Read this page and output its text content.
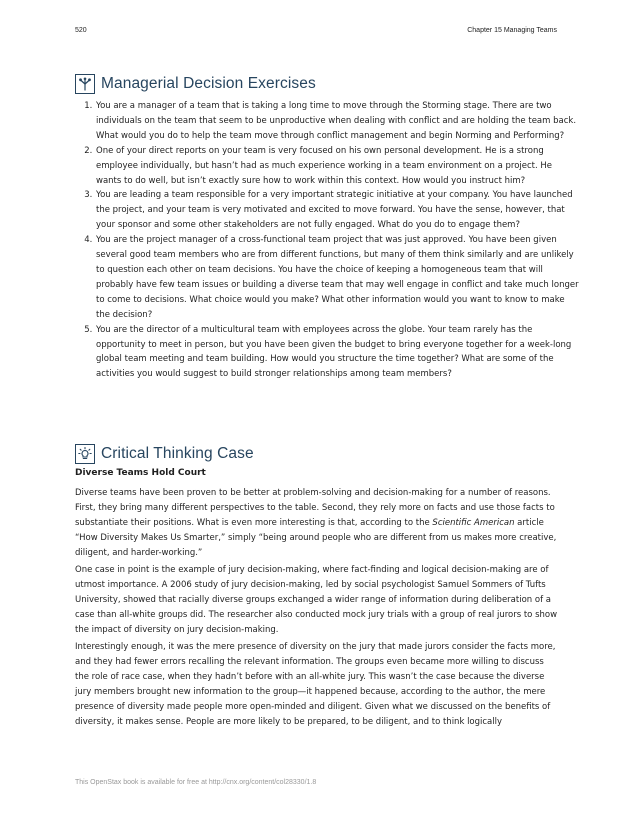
520	Chapter 15 Managing Teams
Managerial Decision Exercises
1. You are a manager of a team that is taking a long time to move through the Storming stage. There are two individuals on the team that seem to be unproductive when dealing with conflict and are holding the team back. What would you do to help the team move through conflict management and begin Norming and Performing?
2. One of your direct reports on your team is very focused on his own personal development. He is a strong employee individually, but hasn’t had as much experience working in a team environment on a project. He wants to do well, but isn’t exactly sure how to work within this context. How would you instruct him?
3. You are leading a team responsible for a very important strategic initiative at your company. You have launched the project, and your team is very motivated and excited to move forward. You have the sense, however, that your sponsor and some other stakeholders are not fully engaged. What do you do to engage them?
4. You are the project manager of a cross-functional team project that was just approved. You have been given several good team members who are from different functions, but many of them think similarly and are unlikely to question each other on team decisions. You have the choice of keeping a homogeneous team that will probably have few team issues or building a diverse team that may well engage in conflict and take much longer to come to decisions. What choice would you make? What other information would you want to know to make the decision?
5. You are the director of a multicultural team with employees across the globe. Your team rarely has the opportunity to meet in person, but you have been given the budget to bring everyone together for a week-long global team meeting and team building. How would you structure the time together? What are some of the activities you would suggest to build stronger relationships among team members?
Critical Thinking Case
Diverse Teams Hold Court

Diverse teams have been proven to be better at problem-solving and decision-making for a number of reasons. First, they bring many different perspectives to the table. Second, they rely more on facts and use those facts to substantiate their positions. What is even more interesting is that, according to the Scientific American article “How Diversity Makes Us Smarter,” simply “being around people who are different from us makes more creative, diligent, and harder-working.”

One case in point is the example of jury decision-making, where fact-finding and logical decision-making are of utmost importance. A 2006 study of jury decision-making, led by social psychologist Samuel Sommers of Tufts University, showed that racially diverse groups exchanged a wider range of information during deliberation of a case than all-white groups did. The researcher also conducted mock jury trials with a group of real jurors to show the impact of diversity on jury decision-making.

Interestingly enough, it was the mere presence of diversity on the jury that made jurors consider the facts more, and they had fewer errors recalling the relevant information. The groups even became more willing to discuss the role of race case, when they hadn’t before with an all-white jury. This wasn’t the case because the diverse jury members brought new information to the group—it happened because, according to the author, the mere presence of diversity made people more open-minded and diligent. Given what we discussed on the benefits of diversity, it makes sense. People are more likely to be prepared, to be diligent, and to think logically

This OpenStax book is available for free at http://cnx.org/content/col28330/1.8
